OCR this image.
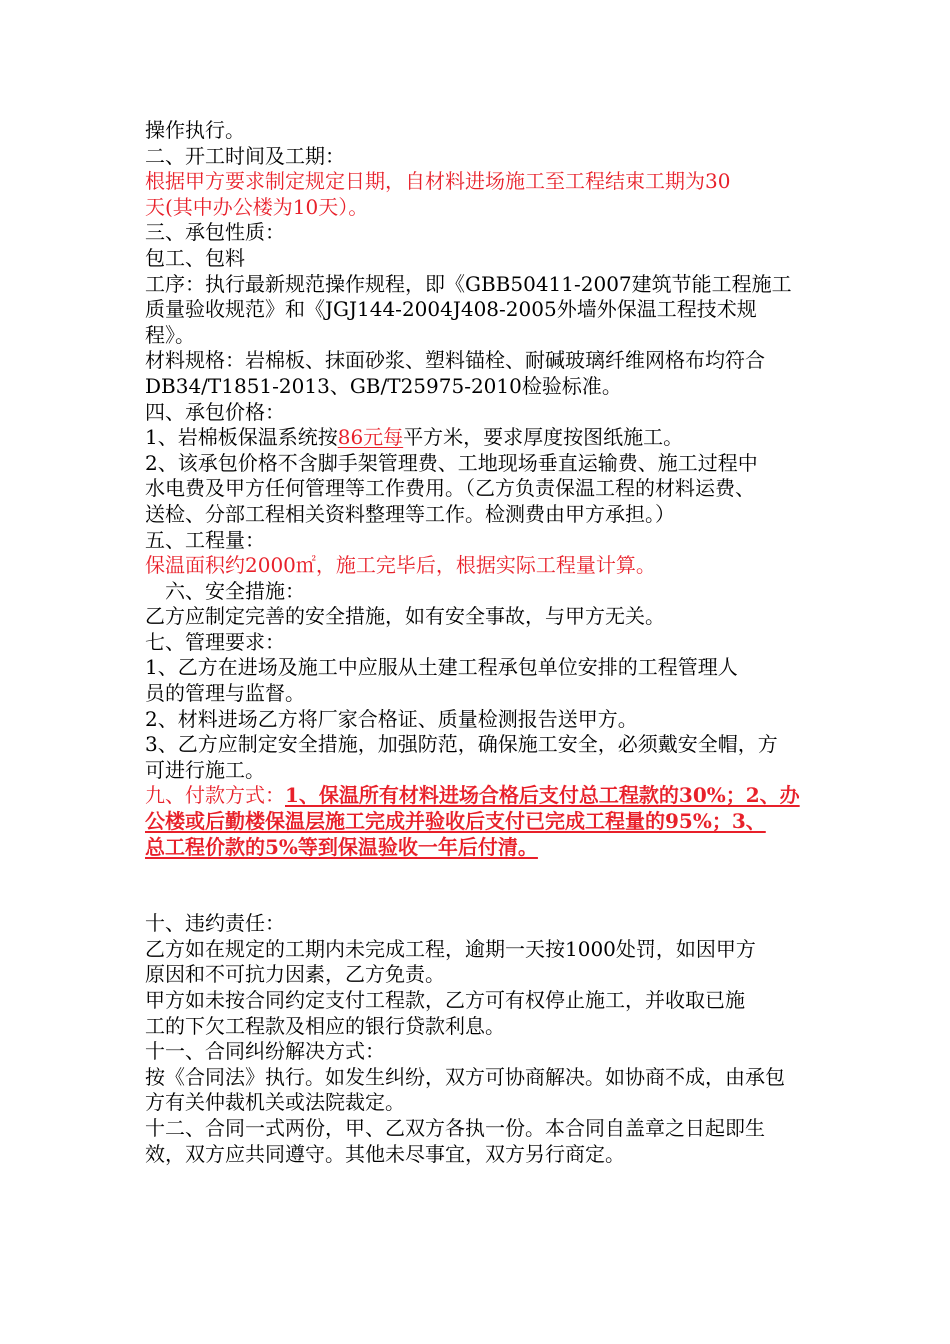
操作执行。
二、开工时间及工期：
根据甲方要求制定规定日期，自材料进场施工至工程结束工期为30
天(其中办公楼为10天）。
三、承包性质：
包工、包料
工序：执行最新规范操作规程，即《GBB50411-2007建筑节能工程施工
质量验收规范》和《JGJ144-2004J408-2005外墙外保温工程技术规
程》。
材料规格：岩棉板、抹面砂浆、塑料锚栓、耐碱玻璃纤维网格布均符合
DB34/T1851-2013、GB/T25975-2010检验标准。
四、承包价格：
1、岩棉板保温系统按86元每平方米，要求厚度按图纸施工。
2、该承包价格不含脚手架管理费、工地现场垂直运输费、施工过程中
水电费及甲方任何管理等工作费用。（乙方负责保温工程的材料运费、
送检、分部工程相关资料整理等工作。检测费由甲方承担。）
五、工程量：
保温面积约2000㎡，施工完毕后，根据实际工程量计算。
六、安全措施：
乙方应制定完善的安全措施，如有安全事故，与甲方无关。
七、管理要求：
1、乙方在进场及施工中应服从土建工程承包单位安排的工程管理人
员的管理与监督。
2、材料进场乙方将厂家合格证、质量检测报告送甲方。
3、乙方应制定安全措施，加强防范，确保施工安全，必须戴安全帽，方
可进行施工。
九、付款方式：1、保温所有材料进场合格后支付总工程款的30%；2、办
公楼或后勤楼保温层施工完成并验收后支付已完成工程量的95%；3、
总工程价款的5%等到保温验收一年后付清。
十、违约责任：
乙方如在规定的工期内未完成工程，逾期一天按1000处罚，如因甲方
原因和不可抗力因素，乙方免责。
甲方如未按合同约定支付工程款，乙方可有权停止施工，并收取已施
工的下欠工程款及相应的银行贷款利息。
十一、合同纠纷解决方式：
按《合同法》执行。如发生纠纷，双方可协商解决。如协商不成，由承包
方有关仲裁机关或法院裁定。
十二、合同一式两份，甲、乙双方各执一份。本合同自盖章之日起即生
效，双方应共同遵守。其他未尽事宜，双方另行商定。
